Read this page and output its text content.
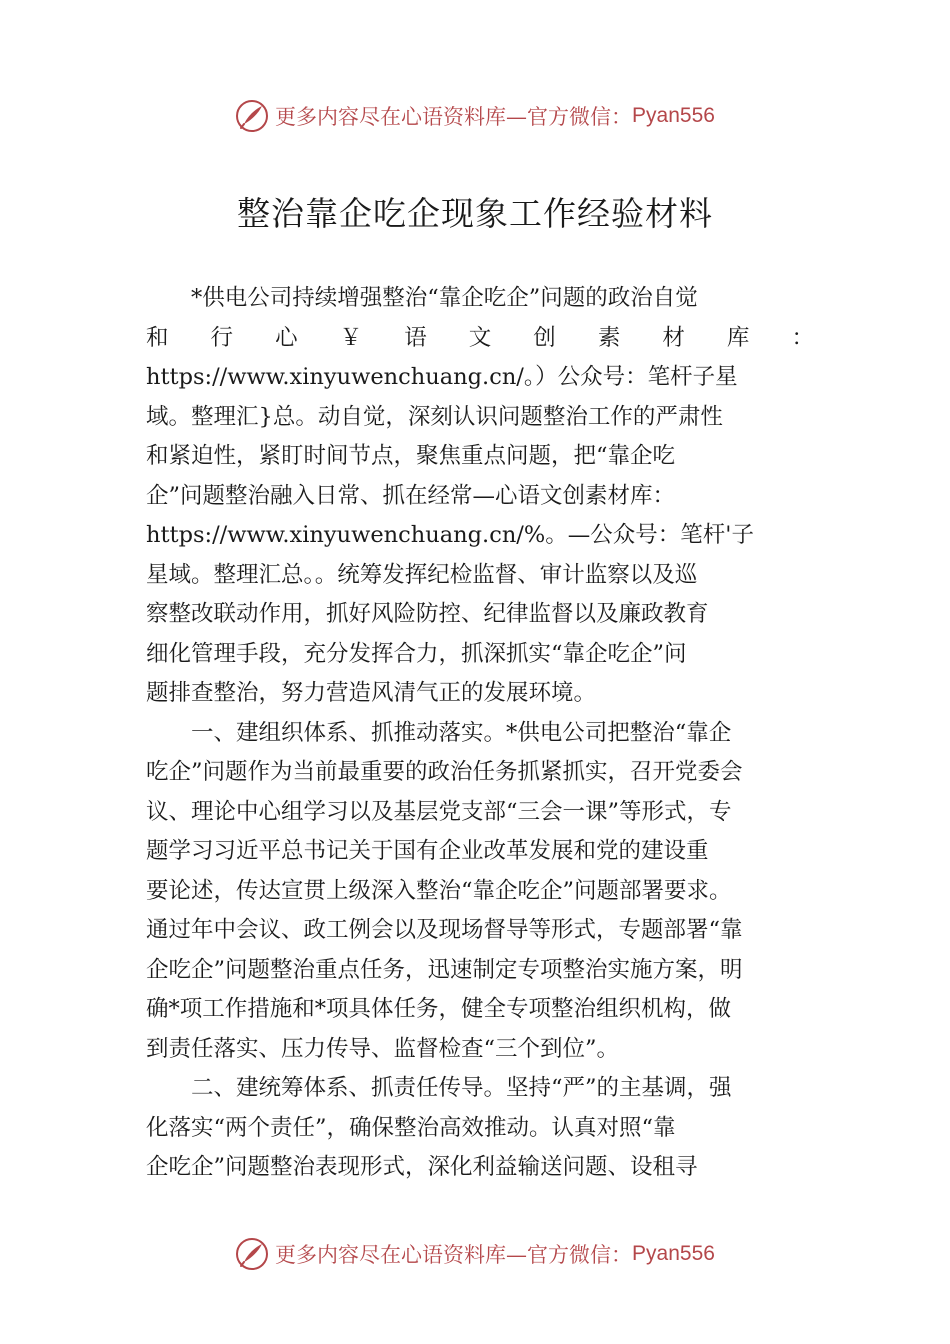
更多内容尽在心语资料库—官方微信： Pyan556
整治靠企吃企现象工作经验材料
*供电公司持续增强整治“靠企吃企”问题的政治自觉
和 行 心 ￥ 语 文 创 素 材 库 ：
https://www.xinyuwenchuang.cn/。）公众号：笔杆子星
域。整理汇}总。动自觉，深刻认识问题整治工作的严肃性
和紧迫性，紧盯时间节点，聚焦重点问题，把“靠企吃
企”问题整治融入日常、抓在经常—心语文创素材库：
https://www.xinyuwenchuang.cn/%。—公众号：笔杆'子
星域。整理汇总。。统筹发挥纪检监督、审计监察以及巡
察整改联动作用，抓好风险防控、纪律监督以及廉政教育
细化管理手段，充分发挥合力，抓深抓实“靠企吃企”问
题排查整治，努力营造风清气正的发展环境。
一、建组织体系、抓推动落实。*供电公司把整治“靠企
吃企”问题作为当前最重要的政治任务抓紧抓实，召开党委会
议、理论中心组学习以及基层党支部“三会一课”等形式，专
题学习习近平总书记关于国有企业改革发展和党的建设重
要论述，传达宣贯上级深入整治“靠企吃企”问题部署要求。
通过年中会议、政工例会以及现场督导等形式，专题部署“靠
企吃企”问题整治重点任务，迅速制定专项整治实施方案，明
确*项工作措施和*项具体任务，健全专项整治组织机构，做
到责任落实、压力传导、监督检查“三个到位”。
二、建统筹体系、抓责任传导。坚持“严”的主基调，强
化落实“两个责任”，确保整治高效推动。认真对照“靠
企吃企”问题整治表现形式，深化利益输送问题、设租寻
更多内容尽在心语资料库—官方微信： Pyan556
